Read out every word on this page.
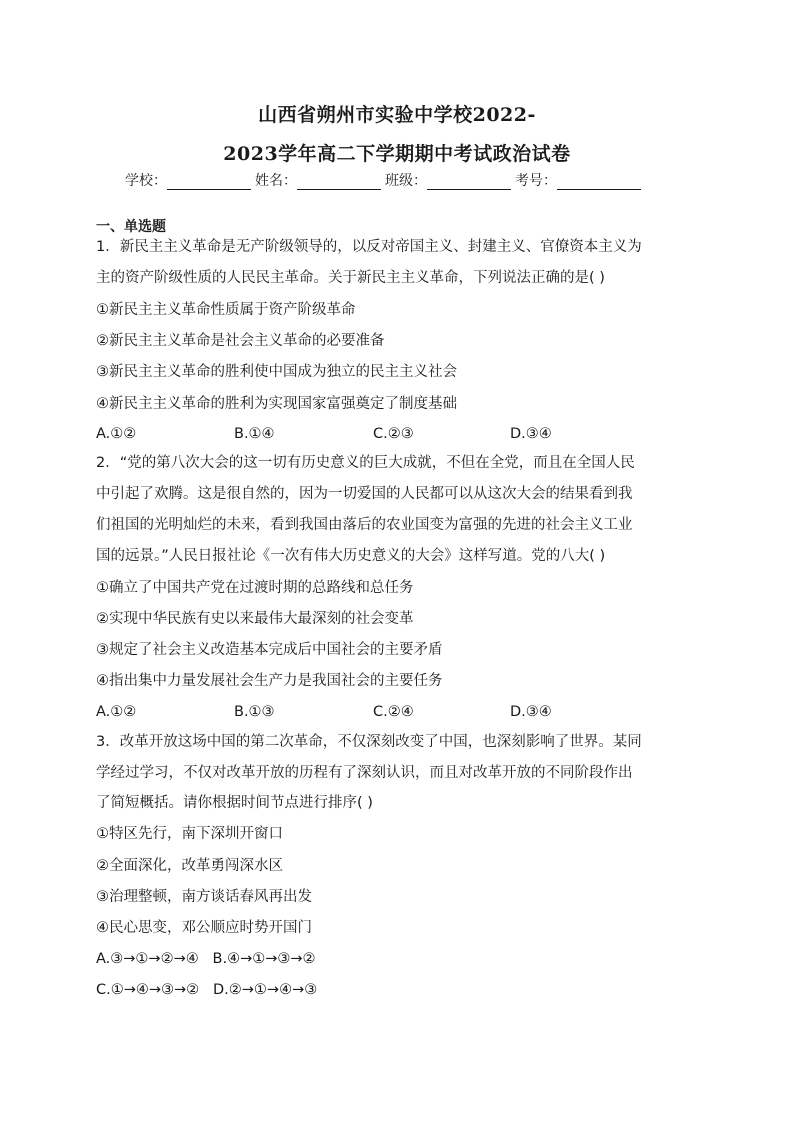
山西省朔州市实验中学校2022-
2023学年高二下学期期中考试政治试卷
学校：	姓名：	班级：	考号：
一、单选题
1．新民主主义革命是无产阶级领导的，以反对帝国主义、封建主义、官僚资本主义为
主的资产阶级性质的人民民主革命。关于新民主主义革命，下列说法正确的是( )
①新民主主义革命性质属于资产阶级革命
②新民主主义革命是社会主义革命的必要准备
③新民主主义革命的胜利使中国成为独立的民主主义社会
④新民主主义革命的胜利为实现国家富强奠定了制度基础
A.①②	B.①④	C.②③	D.③④
2．“党的第八次大会的这一切有历史意义的巨大成就，不但在全党，而且在全国人民
中引起了欢腾。这是很自然的，因为一切爱国的人民都可以从这次大会的结果看到我
们祖国的光明灿烂的未来，看到我国由落后的农业国变为富强的先进的社会主义工业
国的远景。”人民日报社论《一次有伟大历史意义的大会》这样写道。党的八大( )
①确立了中国共产党在过渡时期的总路线和总任务
②实现中华民族有史以来最伟大最深刻的社会变革
③规定了社会主义改造基本完成后中国社会的主要矛盾
④指出集中力量发展社会生产力是我国社会的主要任务
A.①②	B.①③	C.②④	D.③④
3．改革开放这场中国的第二次革命，不仅深刻改变了中国，也深刻影响了世界。某同
学经过学习，不仅对改革开放的历程有了深刻认识，而且对改革开放的不同阶段作出
了简短概括。请你根据时间节点进行排序( )
①特区先行，南下深圳开窗口
②全面深化，改革勇闯深水区
③治理整顿，南方谈话春风再出发
④民心思变，邓公顺应时势开国门
A.③→①→②→④   B.④→①→③→②
C.①→④→③→②   D.②→①→④→③
